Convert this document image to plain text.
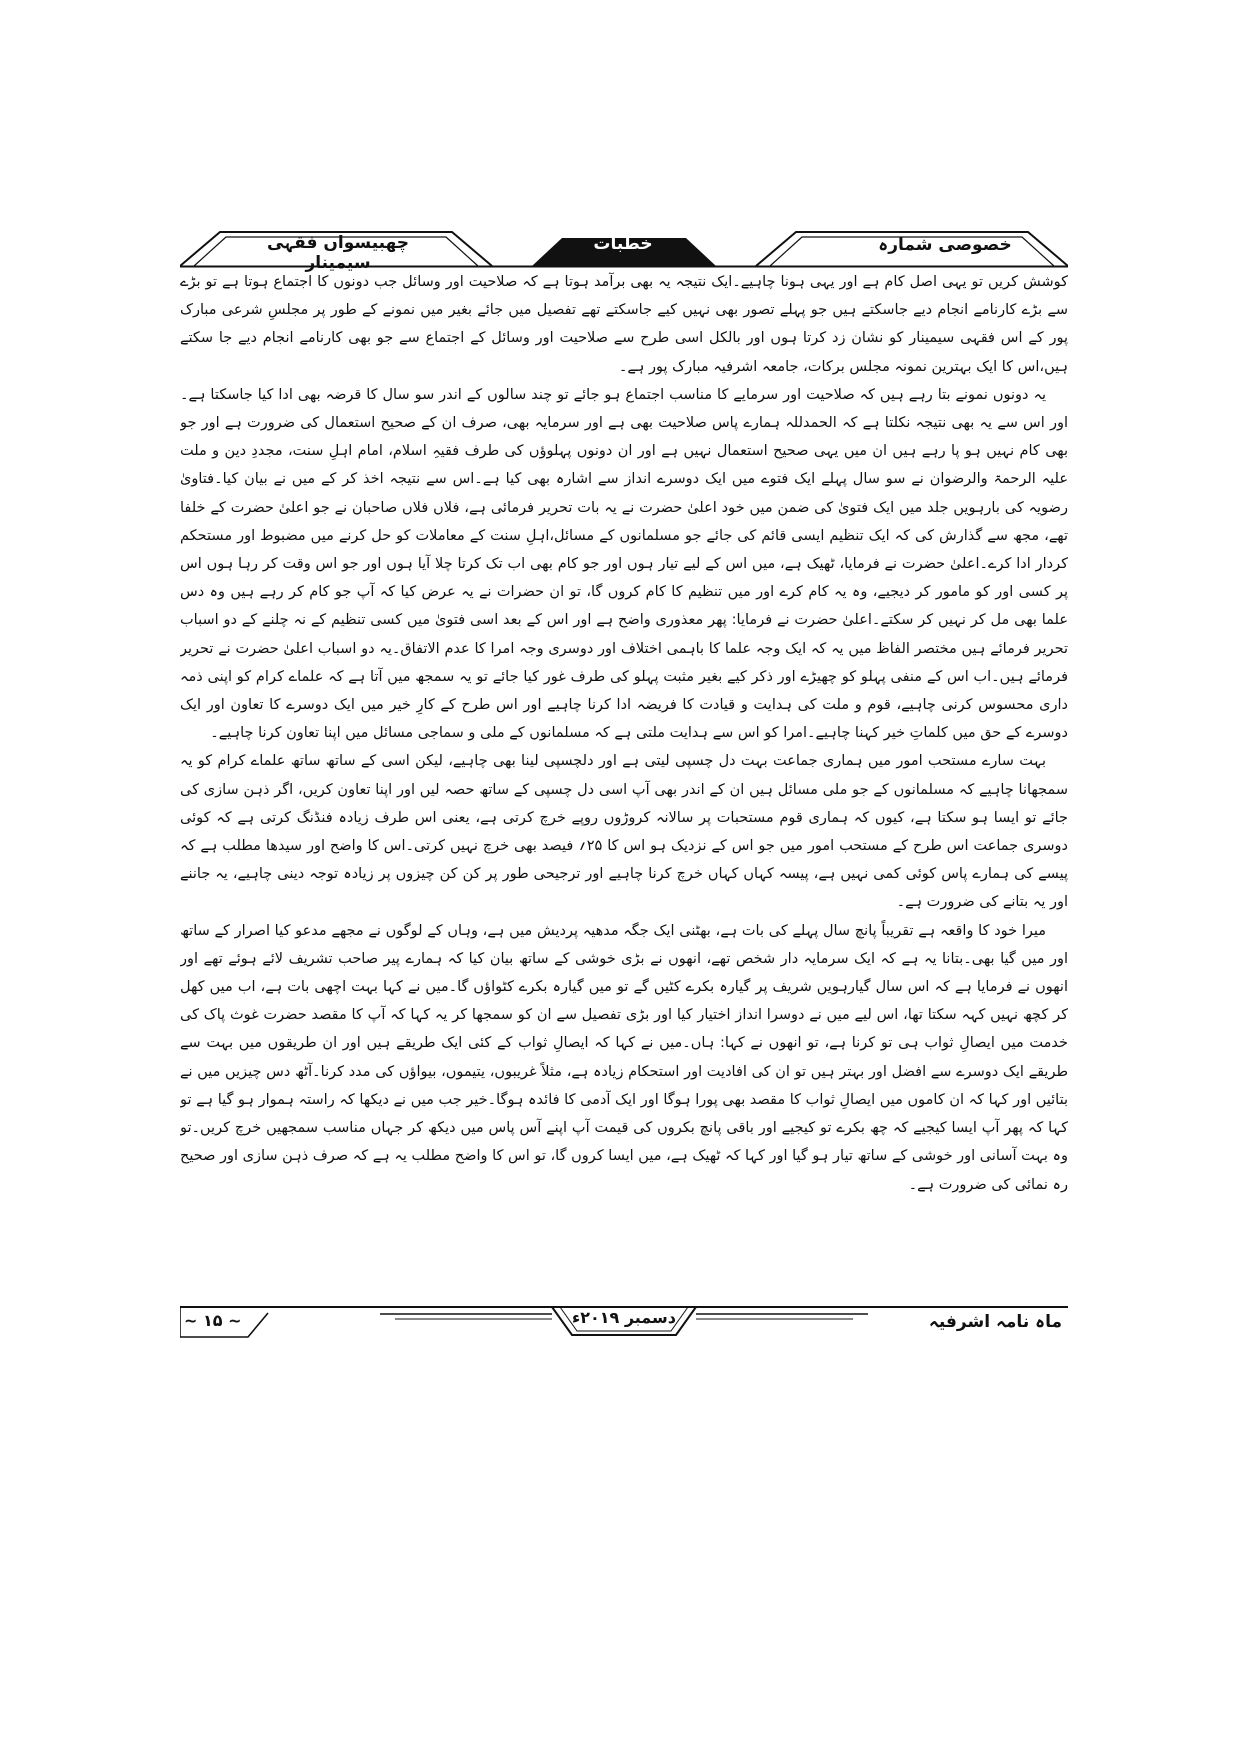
چھبیسواں فقہی سیمینار
خطبات	خصوصی شمارہ

کوشش کریں تو یہی اصل کام ہے اور یہی ہونا چاہیے۔ایک نتیجہ یہ بھی برآمد ہوتا ہے کہ صلاحیت اور وسائل جب دونوں کا اجتماع ہوتا ہے تو بڑے سے بڑے کارنامے انجام دیے جاسکتے ہیں جو پہلے تصور بھی نہیں کیے جاسکتے تھے تفصیل میں جائے بغیر میں نمونے کے طور پر مجلسِ شرعی مبارک پور کے اس فقہی سیمینار کو نشان زد کرتا ہوں اور بالکل اسی طرح سے صلاحیت اور وسائل کے اجتماع سے جو بھی کارنامے انجام دیے جا سکتے ہیں،اس کا ایک بہترین نمونہ مجلس برکات، جامعہ اشرفیہ مبارک پور ہے۔

یہ دونوں نمونے بتا رہے ہیں کہ صلاحیت اور سرمایے کا مناسب اجتماع ہو جائے تو چند سالوں کے اندر سو سال کا قرضہ بھی ادا کیا جاسکتا ہے۔اور اس سے یہ بھی نتیجہ نکلتا ہے کہ الحمدللہ ہمارے پاس صلاحیت بھی ہے اور سرمایہ بھی، صرف ان کے صحیح استعمال کی ضرورت ہے اور جو بھی کام نہیں ہو پا رہے ہیں ان میں یہی صحیح استعمال نہیں ہے اور ان دونوں پہلوؤں کی طرف فقیہِ اسلام، امام اہلِ سنت، مجددِ دین و ملت علیہ الرحمۃ والرضوان نے سو سال پہلے ایک فتوے میں ایک دوسرے انداز سے اشارہ بھی کیا ہے۔اس سے نتیجہ اخذ کر کے میں نے بیان کیا۔فتاویٰ رضویہ کی بارہویں جلد میں ایک فتویٰ کی ضمن میں خود اعلیٰ حضرت نے یہ بات تحریر فرمائی ہے، فلاں فلاں صاحبان نے جو اعلیٰ حضرت کے خلفا تھے، مجھ سے گذارش کی کہ ایک تنظیم ایسی قائم کی جائے جو مسلمانوں کے مسائل،اہلِ سنت کے معاملات کو حل کرنے میں مضبوط اور مستحکم کردار ادا کرے۔اعلیٰ حضرت نے فرمایا، ٹھیک ہے، میں اس کے لیے تیار ہوں اور جو کام بھی اب تک کرتا چلا آیا ہوں اور جو اس وقت کر رہا ہوں اس پر کسی اور کو مامور کر دیجیے، وہ یہ کام کرے اور میں تنظیم کا کام کروں گا، تو ان حضرات نے یہ عرض کیا کہ آپ جو کام کر رہے ہیں وہ دس علما بھی مل کر نہیں کر سکتے۔اعلیٰ حضرت نے فرمایا: پھر معذوری واضح ہے اور اس کے بعد اسی فتویٰ میں کسی تنظیم کے نہ چلنے کے دو اسباب تحریر فرمائے ہیں مختصر الفاظ میں یہ کہ ایک وجہ علما کا باہمی اختلاف اور دوسری وجہ امرا کا عدم الاتفاق۔یہ دو اسباب اعلیٰ حضرت نے تحریر فرمائے ہیں۔اب اس کے منفی پہلو کو چھیڑے اور ذکر کیے بغیر مثبت پہلو کی طرف غور کیا جائے تو یہ سمجھ میں آتا ہے کہ علماے کرام کو اپنی ذمہ داری محسوس کرنی چاہیے، قوم و ملت کی ہدایت و قیادت کا فریضہ ادا کرنا چاہیے اور اس طرح کے کارِ خیر میں ایک دوسرے کا تعاون اور ایک دوسرے کے حق میں کلماتِ خیر کہنا چاہیے۔امرا کو اس سے ہدایت ملتی ہے کہ مسلمانوں کے ملی و سماجی مسائل میں اپنا تعاون کرنا چاہیے۔

بہت سارے مستحب امور میں ہماری جماعت بہت دل چسپی لیتی ہے اور دلچسپی لینا بھی چاہیے، لیکن اسی کے ساتھ ساتھ علماے کرام کو یہ سمجھانا چاہیے کہ مسلمانوں کے جو ملی مسائل ہیں ان کے اندر بھی آپ اسی دل چسپی کے ساتھ حصہ لیں اور اپنا تعاون کریں، اگر ذہن سازی کی جائے تو ایسا ہو سکتا ہے، کیوں کہ ہماری قوم مستحبات پر سالانہ کروڑوں روپے خرچ کرتی ہے، یعنی اس طرف زیادہ فنڈنگ کرتی ہے کہ کوئی دوسری جماعت اس طرح کے مستحب امور میں جو اس کے نزدیک ہو اس کا ۲۵؍ فیصد بھی خرچ نہیں کرتی۔اس کا واضح اور سیدھا مطلب ہے کہ پیسے کی ہمارے پاس کوئی کمی نہیں ہے، پیسہ کہاں کہاں خرچ کرنا چاہیے اور ترجیحی طور پر کن کن چیزوں پر زیادہ توجہ دینی چاہیے، یہ جاننے اور یہ بتانے کی ضرورت ہے۔

میرا خود کا واقعہ ہے تقریباً پانچ سال پہلے کی بات ہے، بھٹنی ایک جگہ مدھیہ پردیش میں ہے، وہاں کے لوگوں نے مجھے مدعو کیا اصرار کے ساتھ اور میں گیا بھی۔بتانا یہ ہے کہ ایک سرمایہ دار شخص تھے، انھوں نے بڑی خوشی کے ساتھ بیان کیا کہ ہمارے پیر صاحب تشریف لائے ہوئے تھے اور انھوں نے فرمایا ہے کہ اس سال گیارہویں شریف پر گیارہ بکرے کٹیں گے تو میں گیارہ بکرے کٹواؤں گا۔میں نے کہا بہت اچھی بات ہے، اب میں کھل کر کچھ نہیں کہہ سکتا تھا، اس لیے میں نے دوسرا انداز اختیار کیا اور بڑی تفصیل سے ان کو سمجھا کر یہ کہا کہ آپ کا مقصد حضرت غوث پاک کی خدمت میں ایصالِ ثواب ہی تو کرنا ہے، تو انھوں نے کہا: ہاں۔میں نے کہا کہ ایصالِ ثواب کے کئی ایک طریقے ہیں اور ان طریقوں میں بہت سے طریقے ایک دوسرے سے افضل اور بہتر ہیں تو ان کی افادیت اور استحکام زیادہ ہے، مثلاً غریبوں، یتیموں، بیواؤں کی مدد کرنا۔آٹھ دس چیزیں میں نے بتائیں اور کہا کہ ان کاموں میں ایصالِ ثواب کا مقصد بھی پورا ہوگا اور ایک آدمی کا فائدہ ہوگا۔خیر جب میں نے دیکھا کہ راستہ ہموار ہو گیا ہے تو کہا کہ پھر آپ ایسا کیجیے کہ چھ بکرے تو کیجیے اور باقی پانچ بکروں کی قیمت آپ اپنے آس پاس میں دیکھ کر جہاں مناسب سمجھیں خرچ کریں۔تو وہ بہت آسانی اور خوشی کے ساتھ تیار ہو گیا اور کہا کہ ٹھیک ہے، میں ایسا کروں گا، تو اس کا واضح مطلب یہ ہے کہ صرف ذہن سازی اور صحیح رہ نمائی کی ضرورت ہے۔

ماہ نامہ اشرفیہ
دسمبر ۲۰۱۹ء
~ ۱۵ ~
